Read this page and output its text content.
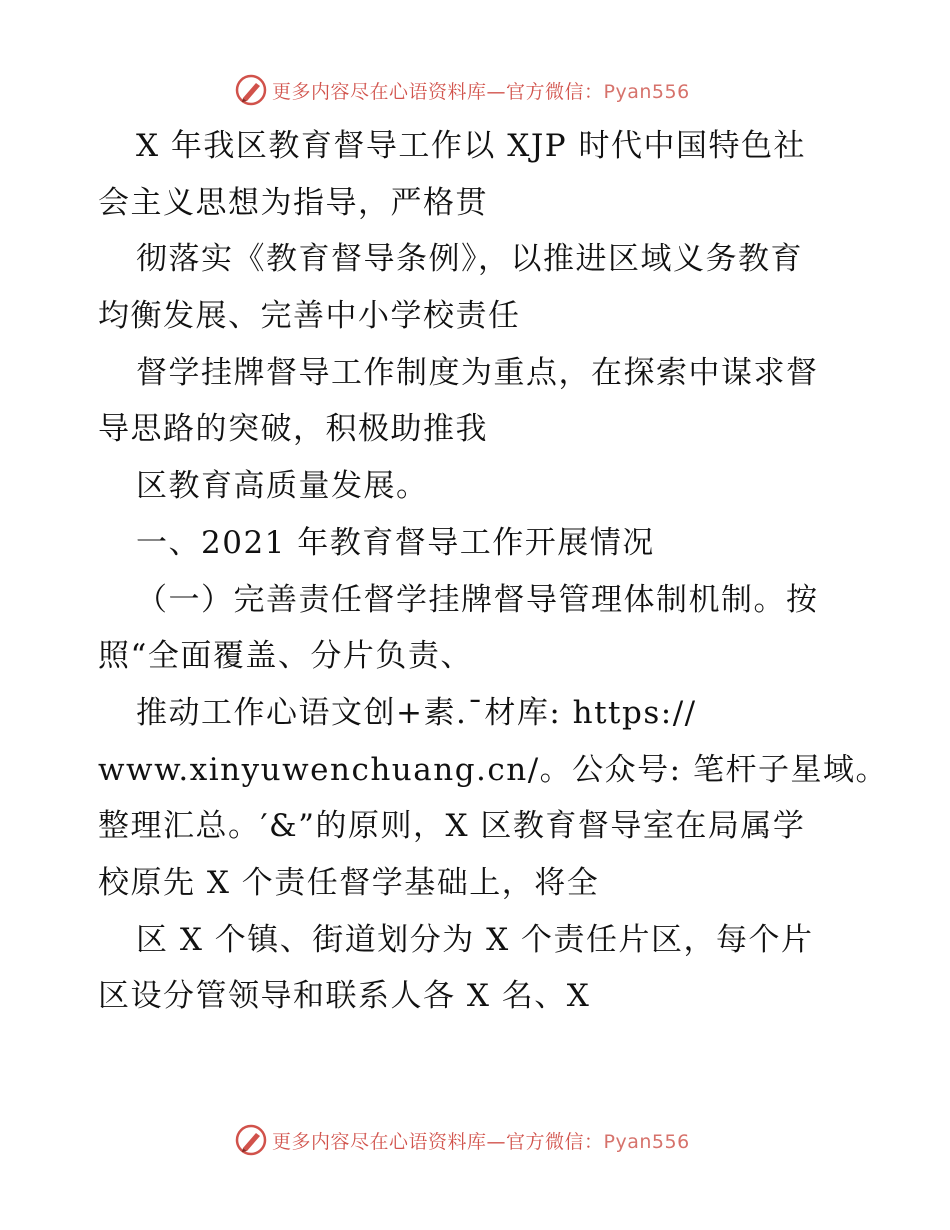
更多内容尽在心语资料库—官方微信：Pyan556
X 年我区教育督导工作以 XJP 时代中国特色社
会主义思想为指导，严格贯
彻落实《教育督导条例》，以推进区域义务教育
均衡发展、完善中小学校责任
督学挂牌督导工作制度为重点，在探索中谋求督
导思路的突破，积极助推我
区教育高质量发展。
一、2021 年教育督导工作开展情况
（一）完善责任督学挂牌督导管理体制机制。按
照“全面覆盖、分片负责、
推动工作心语文创+素.¯材库: https://
www.xinyuwenchuang.cn/。公众号: 笔杆子星域。
整理汇总。′&”的原则，X 区教育督导室在局属学
校原先 X 个责任督学基础上，将全
区 X 个镇、街道划分为 X 个责任片区，每个片
区设分管领导和联系人各 X 名、X
更多内容尽在心语资料库—官方微信：Pyan556
